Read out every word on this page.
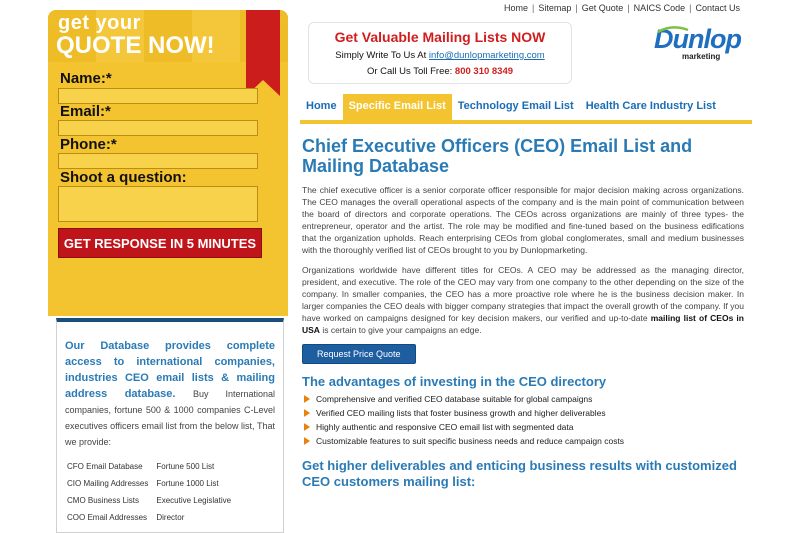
Home | Sitemap | Get Quote | NAICS Code | Contact Us
get your
QUOTE NOW!
Name:*
Email:*
Phone:*
Shoot a question:
GET RESPONSE IN 5 MINUTES
Our Database provides complete access to international companies, industries CEO email lists & mailing address database. Buy International companies, fortune 500 & 1000 companies C-Level executives officers email list from the below list, That we provide:
CFO Email Database	Fortune 500 List
CIO Mailing Addresses	Fortune 1000 List
CMO Business Lists	Executive Legislative
COO Email Addresses	Director
Get Valuable Mailing Lists NOW
Simply Write To Us At info@dunlopmarketing.com
Or Call Us Toll Free: 800 310 8349
Dunlop
marketing
Home	Specific Email List	Technology Email List	Health Care Industry List
Chief Executive Officers (CEO) Email List and Mailing Database

The chief executive officer is a senior corporate officer responsible for major decision making across organizations. The CEO manages the overall operational aspects of the company and is the main point of communication between the board of directors and corporate operations. The CEOs across organizations are mainly of three types- the entrepreneur, operator and the artist. The role may be modified and fine-tuned based on the business edifications that the organization upholds. Reach enterprising CEOs from global conglomerates, small and medium businesses with the thoroughly verified list of CEOs brought to you by Dunlopmarketing.

Organizations worldwide have different titles for CEOs. A CEO may be addressed as the managing director, president, and executive. The role of the CEO may vary from one company to the other depending on the size of the company. In smaller companies, the CEO has a more proactive role where he is the business decision maker. In larger companies the CEO deals with bigger company strategies that impact the overall growth of the company. If you have worked on campaigns designed for key decision makers, our verified and up-to-date mailing list of CEOs in USA is certain to give your campaigns an edge.

Request Price Quote
The advantages of investing in the CEO directory
Comprehensive and verified CEO database suitable for global campaigns
Verified CEO mailing lists that foster business growth and higher deliverables
Highly authentic and responsive CEO email list with segmented data
Customizable features to suit specific business needs and reduce campaign costs
Get higher deliverables and enticing business results with customized CEO customers mailing list:
